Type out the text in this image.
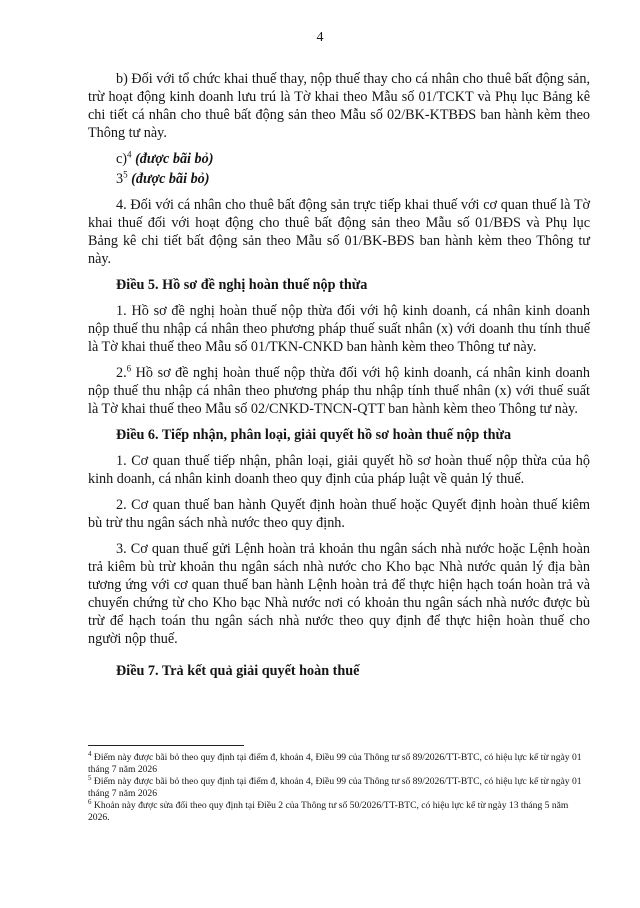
4

b) Đối với tổ chức khai thuế thay, nộp thuế thay cho cá nhân cho thuê bất động sản, trừ hoạt động kinh doanh lưu trú là Tờ khai theo Mẫu số 01/TCKT và Phụ lục Bảng kê chi tiết cá nhân cho thuê bất động sản theo Mẫu số 02/BK-KTBĐS ban hành kèm theo Thông tư này.

c)$^4$ (được bãi bỏ)

$3^5$ (được bãi bỏ)

4. Đối với cá nhân cho thuê bất động sản trực tiếp khai thuế với cơ quan thuế là Tờ khai thuế đối với hoạt động cho thuê bất động sản theo Mẫu số 01/BĐS và Phụ lục Bảng kê chi tiết bất động sản theo Mẫu số 01/BK-BĐS ban hành kèm theo Thông tư này.

Điều 5. Hồ sơ đề nghị hoàn thuế nộp thừa

1. Hồ sơ đề nghị hoàn thuế nộp thừa đối với hộ kinh doanh, cá nhân kinh doanh nộp thuế thu nhập cá nhân theo phương pháp thuế suất nhân (x) với doanh thu tính thuế là Tờ khai thuế theo Mẫu số 01/TKN-CNKD ban hành kèm theo Thông tư này.

2.$^6$ Hồ sơ đề nghị hoàn thuế nộp thừa đối với hộ kinh doanh, cá nhân kinh doanh nộp thuế thu nhập cá nhân theo phương pháp thu nhập tính thuế nhân (x) với thuế suất là Tờ khai thuế theo Mẫu số 02/CNKD-TNCN-QTT ban hành kèm theo Thông tư này.

Điều 6. Tiếp nhận, phân loại, giải quyết hồ sơ hoàn thuế nộp thừa

1. Cơ quan thuế tiếp nhận, phân loại, giải quyết hồ sơ hoàn thuế nộp thừa của hộ kinh doanh, cá nhân kinh doanh theo quy định của pháp luật về quản lý thuế.

2. Cơ quan thuế ban hành Quyết định hoàn thuế hoặc Quyết định hoàn thuế kiêm bù trừ thu ngân sách nhà nước theo quy định.

3. Cơ quan thuế gửi Lệnh hoàn trả khoản thu ngân sách nhà nước hoặc Lệnh hoàn trả kiêm bù trừ khoản thu ngân sách nhà nước cho Kho bạc Nhà nước quản lý địa bàn tương ứng với cơ quan thuế ban hành Lệnh hoàn trả để thực hiện hạch toán hoàn trả và chuyển chứng từ cho Kho bạc Nhà nước nơi có khoản thu ngân sách nhà nước được bù trừ để hạch toán thu ngân sách nhà nước theo quy định để thực hiện hoàn thuế cho người nộp thuế.

Điều 7. Trả kết quả giải quyết hoàn thuế

$^4$ Điểm này được bãi bỏ theo quy định tại điểm đ, khoản 4, Điều 99 của Thông tư số 89/2026/TT-BTC, có hiệu lực kể từ ngày 01 tháng 7 năm 2026
$^5$ Điểm này được bãi bỏ theo quy định tại điểm đ, khoản 4, Điều 99 của Thông tư số 89/2026/TT-BTC, có hiệu lực kể từ ngày 01 tháng 7 năm 2026
$^6$ Khoản này được sửa đổi theo quy định tại Điều 2 của Thông tư số 50/2026/TT-BTC, có hiệu lực kể từ ngày 13 tháng 5 năm 2026.
